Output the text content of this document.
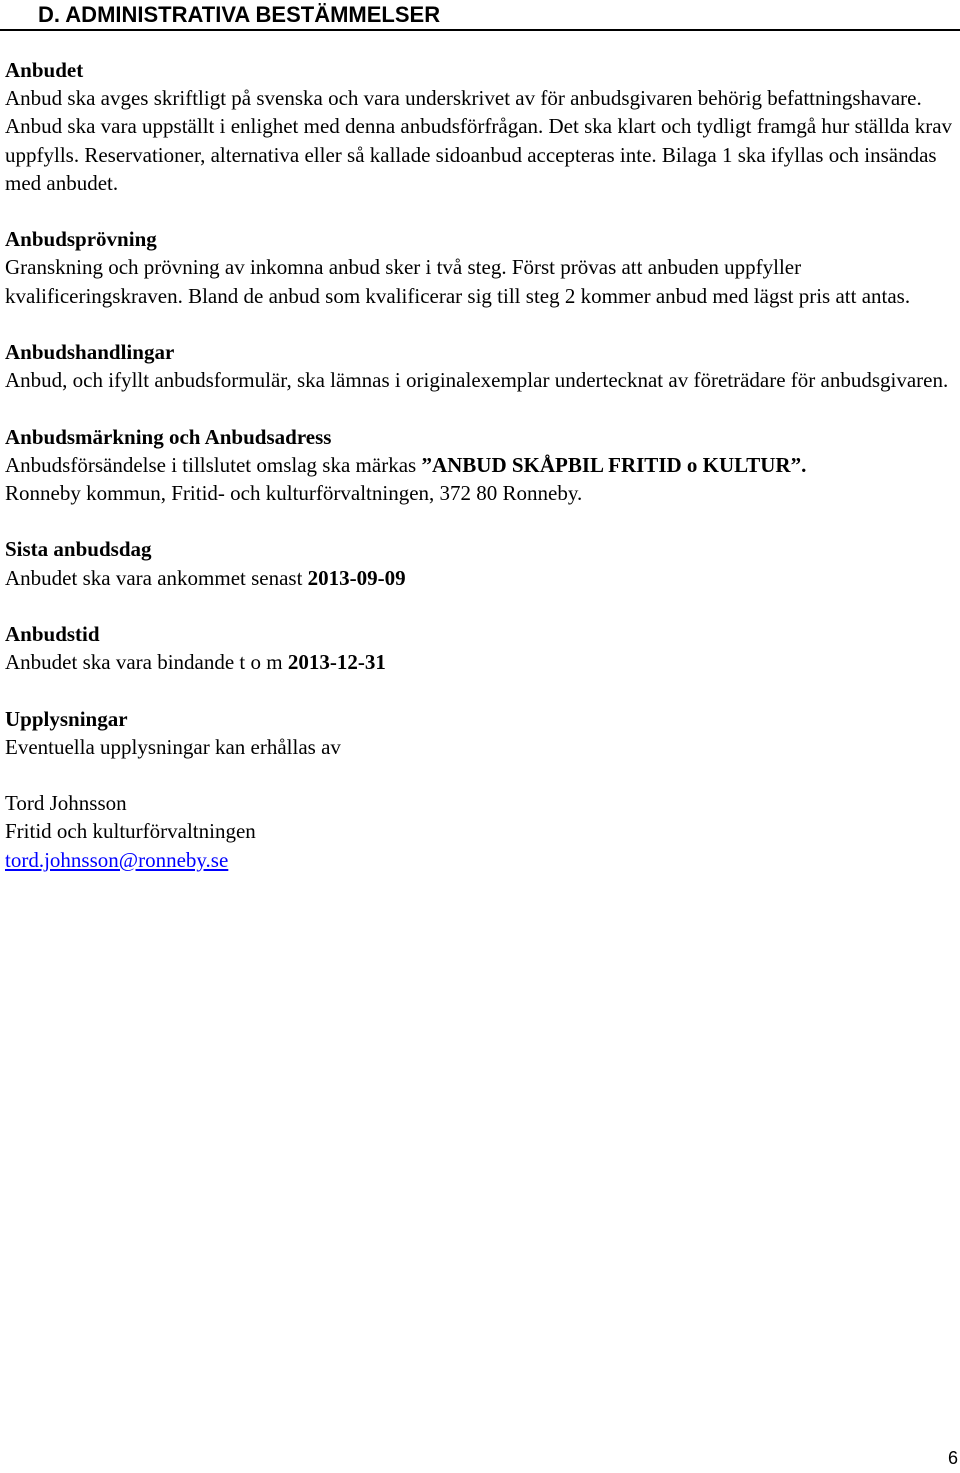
D. ADMINISTRATIVA BESTÄMMELSER

Anbudet

Anbud ska avges skriftligt på svenska och vara underskrivet av för anbudsgivaren behörig befattningshavare. Anbud ska vara uppställt i enlighet med denna anbudsförfrågan. Det ska klart och tydligt framgå hur ställda krav uppfylls. Reservationer, alternativa eller så kallade sidoanbud accepteras inte. Bilaga 1 ska ifyllas och insändas med anbudet.

Anbudsprövning

Granskning och prövning av inkomna anbud sker i två steg. Först prövas att anbuden uppfyller kvalificeringskraven. Bland de anbud som kvalificerar sig till steg 2 kommer anbud med lägst pris att antas.

Anbudshandlingar

Anbud, och ifyllt anbudsformulär, ska lämnas i originalexemplar undertecknat av företrädare för anbudsgivaren.

Anbudsmärkning och Anbudsadress

Anbudsförsändelse i tillslutet omslag ska märkas ”ANBUD SKÅPBIL FRITID o KULTUR”.

Ronneby kommun, Fritid- och kulturförvaltningen, 372 80 Ronneby.

Sista anbudsdag

Anbudet ska vara ankommet senast 2013-09-09

Anbudstid

Anbudet ska vara bindande t o m 2013-12-31

Upplysningar

Eventuella upplysningar kan erhållas av

Tord Johnsson

Fritid och kulturförvaltningen

tord.johnsson@ronneby.se

6
